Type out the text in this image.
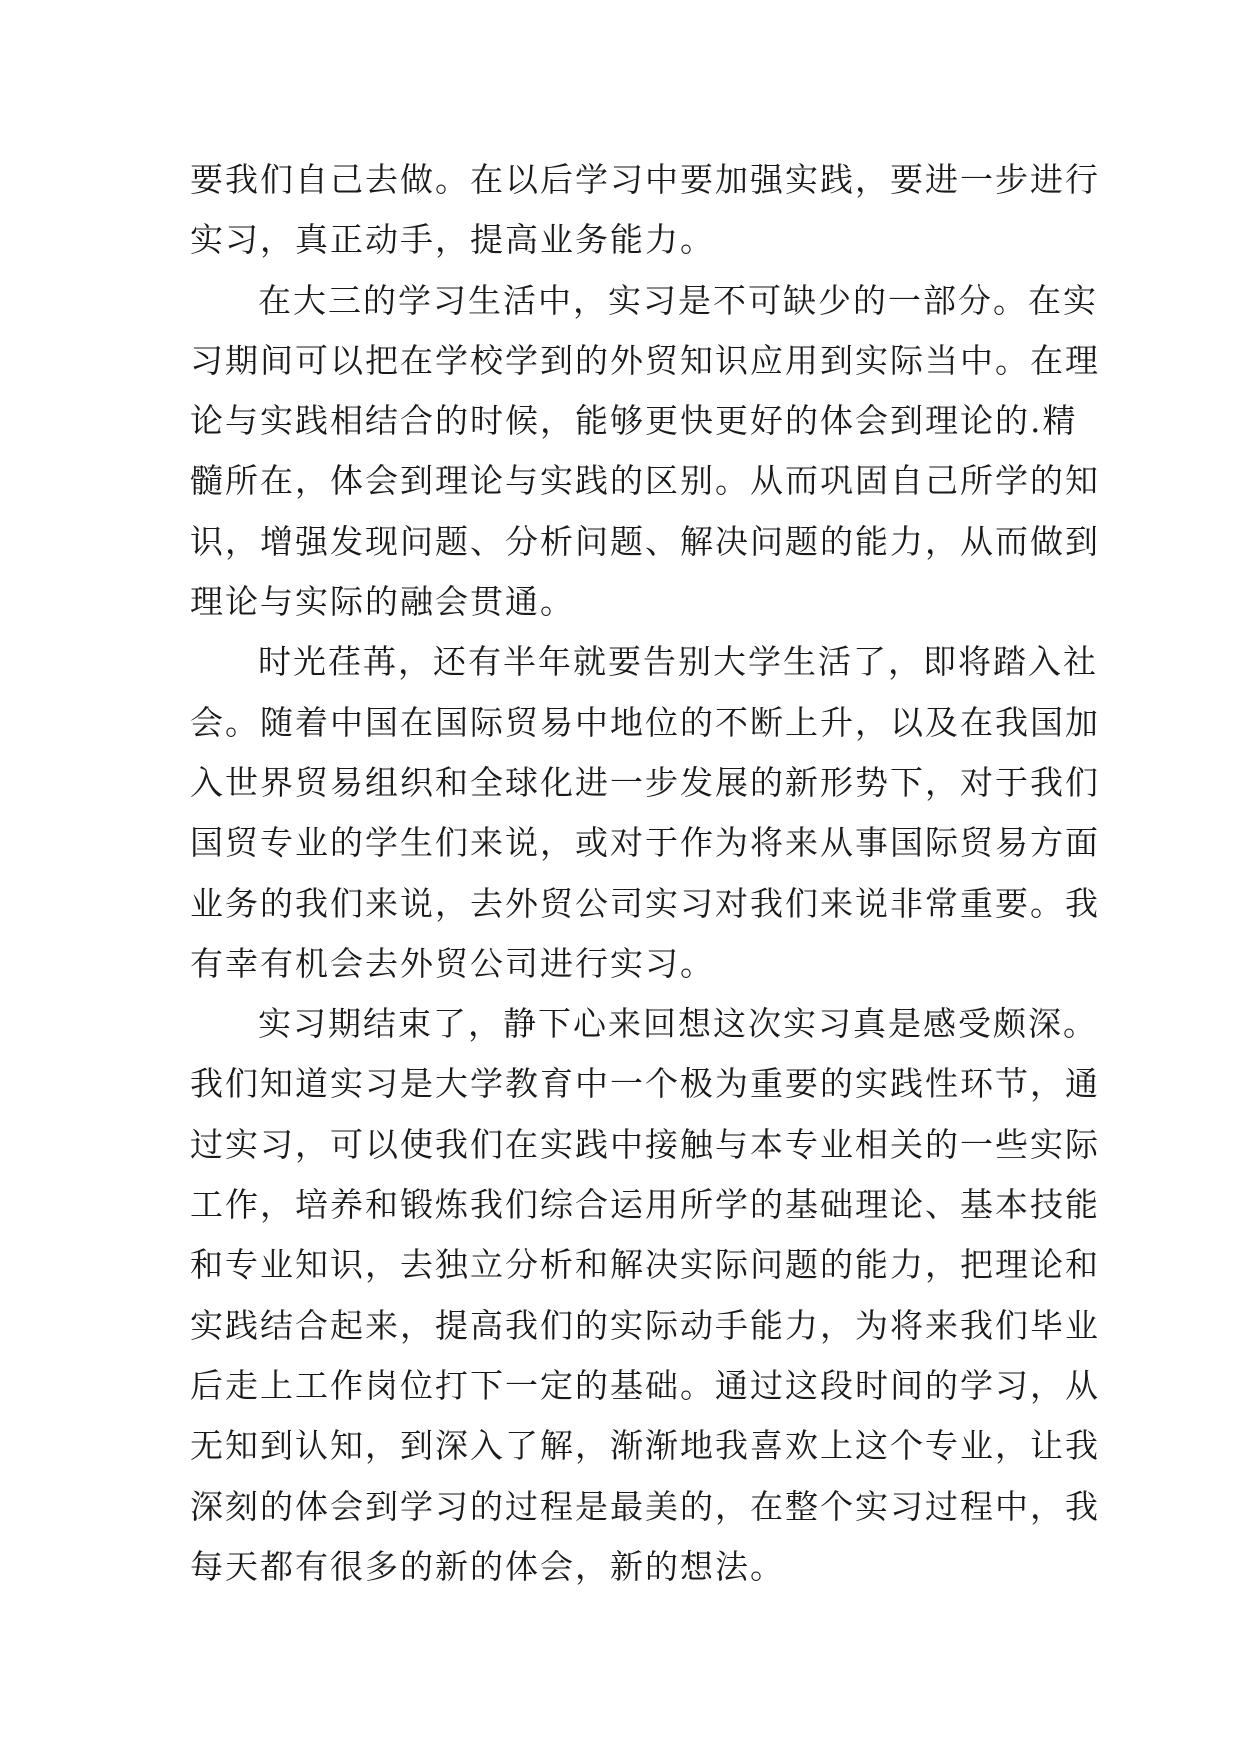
要我们自己去做。在以后学习中要加强实践，要进一步进行
实习，真正动手，提高业务能力。
在大三的学习生活中，实习是不可缺少的一部分。在实
习期间可以把在学校学到的外贸知识应用到实际当中。在理
论与实践相结合的时候，能够更快更好的体会到理论的.精
髓所在，体会到理论与实践的区别。从而巩固自己所学的知
识，增强发现问题、分析问题、解决问题的能力，从而做到
理论与实际的融会贯通。
时光荏苒，还有半年就要告别大学生活了，即将踏入社
会。随着中国在国际贸易中地位的不断上升，以及在我国加
入世界贸易组织和全球化进一步发展的新形势下，对于我们
国贸专业的学生们来说，或对于作为将来从事国际贸易方面
业务的我们来说，去外贸公司实习对我们来说非常重要。我
有幸有机会去外贸公司进行实习。
实习期结束了，静下心来回想这次实习真是感受颇深。
我们知道实习是大学教育中一个极为重要的实践性环节，通
过实习，可以使我们在实践中接触与本专业相关的一些实际
工作，培养和锻炼我们综合运用所学的基础理论、基本技能
和专业知识，去独立分析和解决实际问题的能力，把理论和
实践结合起来，提高我们的实际动手能力，为将来我们毕业
后走上工作岗位打下一定的基础。通过这段时间的学习，从
无知到认知，到深入了解，渐渐地我喜欢上这个专业，让我
深刻的体会到学习的过程是最美的，在整个实习过程中，我
每天都有很多的新的体会，新的想法。
